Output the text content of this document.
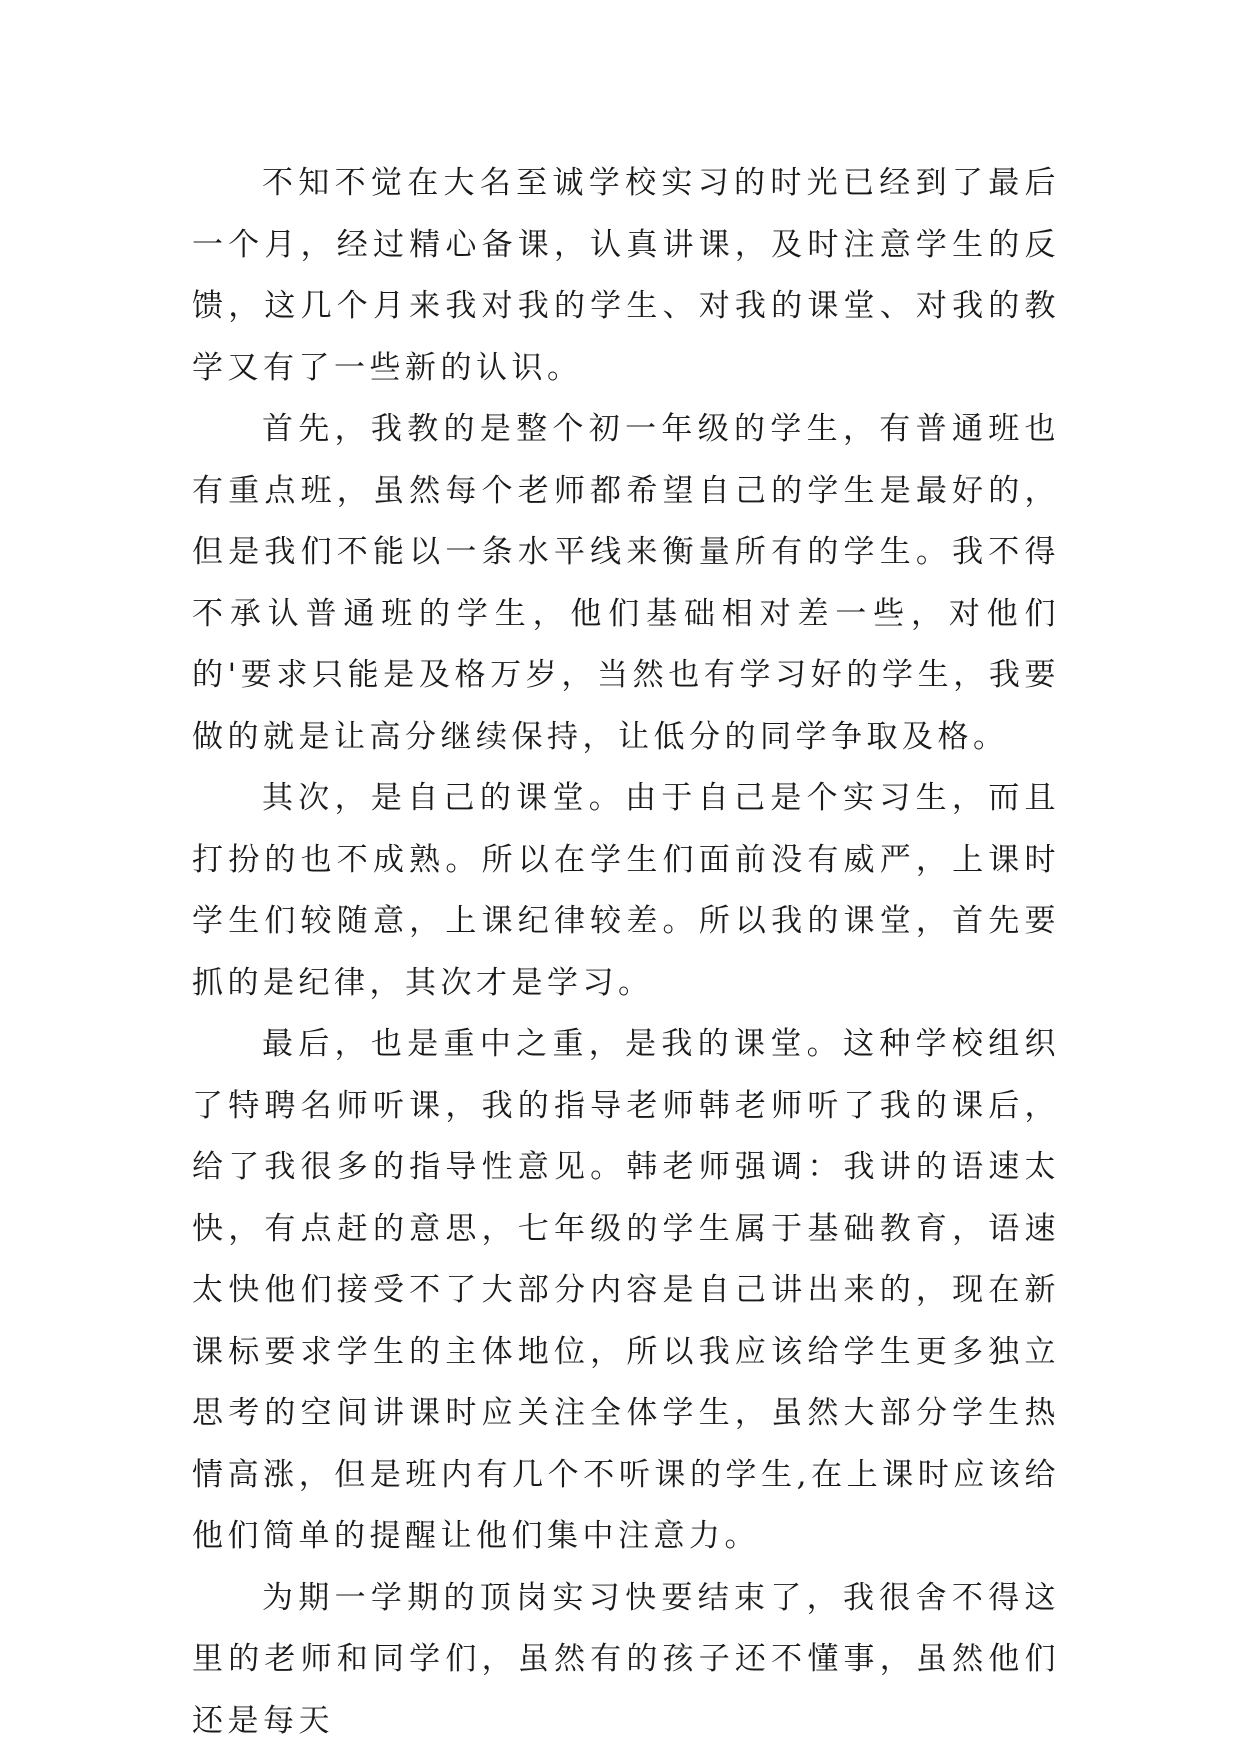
不知不觉在大名至诚学校实习的时光已经到了最后一个月，经过精心备课，认真讲课，及时注意学生的反馈，这几个月来我对我的学生、对我的课堂、对我的教学又有了一些新的认识。

首先，我教的是整个初一年级的学生，有普通班也有重点班，虽然每个老师都希望自己的学生是最好的，但是我们不能以一条水平线来衡量所有的学生。我不得不承认普通班的学生，他们基础相对差一些，对他们的'要求只能是及格万岁，当然也有学习好的学生，我要做的就是让高分继续保持，让低分的同学争取及格。

其次，是自己的课堂。由于自己是个实习生，而且打扮的也不成熟。所以在学生们面前没有威严，上课时学生们较随意，上课纪律较差。所以我的课堂，首先要抓的是纪律，其次才是学习。

最后，也是重中之重，是我的课堂。这种学校组织了特聘名师听课，我的指导老师韩老师听了我的课后，给了我很多的指导性意见。韩老师强调：我讲的语速太快，有点赶的意思，七年级的学生属于基础教育，语速太快他们接受不了大部分内容是自己讲出来的，现在新课标要求学生的主体地位，所以我应该给学生更多独立思考的空间讲课时应关注全体学生，虽然大部分学生热情高涨，但是班内有几个不听课的学生,在上课时应该给他们简单的提醒让他们集中注意力。

为期一学期的顶岗实习快要结束了，我很舍不得这里的老师和同学们，虽然有的孩子还不懂事，虽然他们还是每天
